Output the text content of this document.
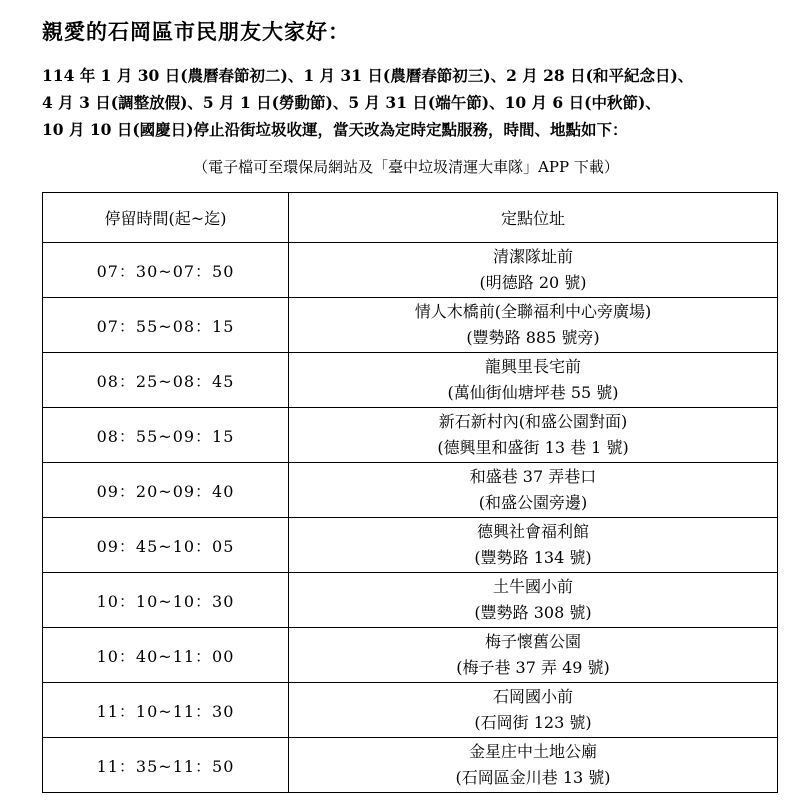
親愛的石岡區市民朋友大家好：
114 年 1 月 30 日(農曆春節初二)、1 月 31 日(農曆春節初三)、2 月 28 日(和平紀念日)、
4 月 3 日(調整放假)、5 月 1 日(勞動節)、5 月 31 日(端午節)、10 月 6 日(中秋節)、
10 月 10 日(國慶日)停止沿街垃圾收運，當天改為定時定點服務，時間、地點如下：
（電子檔可至環保局網站及「臺中垃圾清運大車隊」APP 下載）
停留時間(起~迄)	定點位址
07：30~07：50	清潔隊址前
(明德路 20 號)

07：55~08：15	情人木橋前(全聯福利中心旁廣場)
(豐勢路 885 號旁)

08：25~08：45	龍興里長宅前
(萬仙街仙塘坪巷 55 號)

08：55~09：15	新石新村內(和盛公園對面)
(德興里和盛街 13 巷 1 號)

09：20~09：40	和盛巷 37 弄巷口
(和盛公園旁邊)

09：45~10：05	德興社會福利館
(豐勢路 134 號)

10：10~10：30	土牛國小前
(豐勢路 308 號)

10：40~11：00	梅子懷舊公園
(梅子巷 37 弄 49 號)

11：10~11：30	石岡國小前
(石岡街 123 號)

11：35~11：50	金星庄中土地公廟
(石岡區金川巷 13 號)
